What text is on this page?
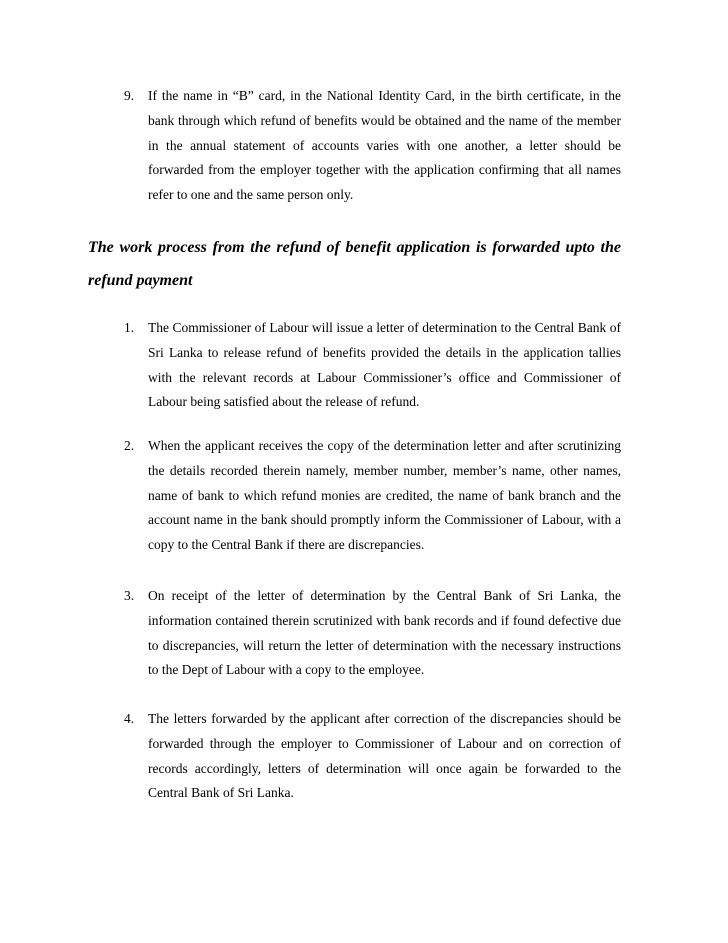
9.	If the name in “B” card, in the National Identity Card, in the birth certificate, in the bank through which refund of benefits would be obtained and the name of the member in the annual statement of accounts varies with one another, a letter should be forwarded from the employer together with the application confirming that all names refer to one and the same person only.
The work process from the refund of benefit application is forwarded upto the refund payment
1.	The Commissioner of Labour will issue a letter of determination to the Central Bank of Sri Lanka to release refund of benefits provided the details in the application tallies with the relevant records at Labour Commissioner’s office and Commissioner of Labour being satisfied about the release of refund.
2.	When the applicant receives the copy of the determination letter and after scrutinizing the details recorded therein namely, member number, member’s name, other names, name of bank to which refund monies are credited, the name of bank branch and the account name in the bank should promptly inform the Commissioner of Labour, with a copy to the Central Bank if there are discrepancies.
3.	On receipt of the letter of determination by the Central Bank of Sri Lanka, the information contained therein scrutinized with bank records and if found defective due to discrepancies, will return the letter of determination with the necessary instructions to the Dept of Labour with a copy to the employee.
4.	The letters forwarded by the applicant after correction of the discrepancies should be forwarded through the employer to Commissioner of Labour and on correction of records accordingly, letters of determination will once again be forwarded to the Central Bank of Sri Lanka.
